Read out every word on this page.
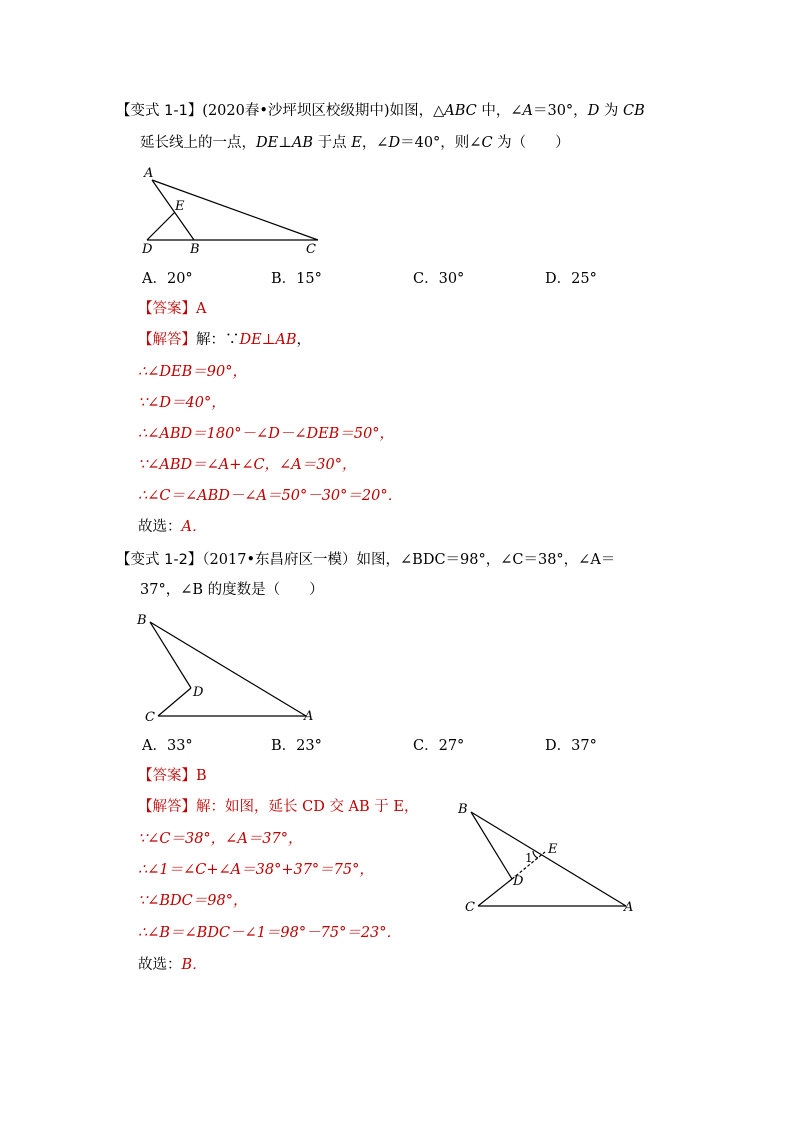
【变式 1-1】(2020春•沙坪坝区校级期中)如图，△ABC 中，∠A＝30°，D 为 CB
延长线上的一点，DE⊥AB 于点 E，∠D＝40°，则∠C 为（　　）
A
E
D	B	C
A．20°	B．15°	C．30°	D．25°
【答案】A
【解答】解：∵DE⊥AB，
∴∠DEB＝90°，
∵∠D＝40°，
∴∠ABD＝180°－∠D－∠DEB＝50°，
∵∠ABD＝∠A+∠C，∠A＝30°，
∴∠C＝∠ABD－∠A＝50°－30°＝20°．
故选：A．
【变式 1-2】（2017•东昌府区一模）如图，∠BDC＝98°，∠C＝38°，∠A＝
37°，∠B 的度数是（　　）
B
D
C	A
A．33°	B．23°	C．27°	D．37°
【答案】B
【解答】解：如图，延长 CD 交 AB 于 E，
∵∠C＝38°，∠A＝37°，
∴∠1＝∠C+∠A＝38°+37°＝75°，
∵∠BDC＝98°，
∴∠B＝∠BDC－∠1＝98°－75°＝23°．
故选：B．
B
E
1
D
C	A
